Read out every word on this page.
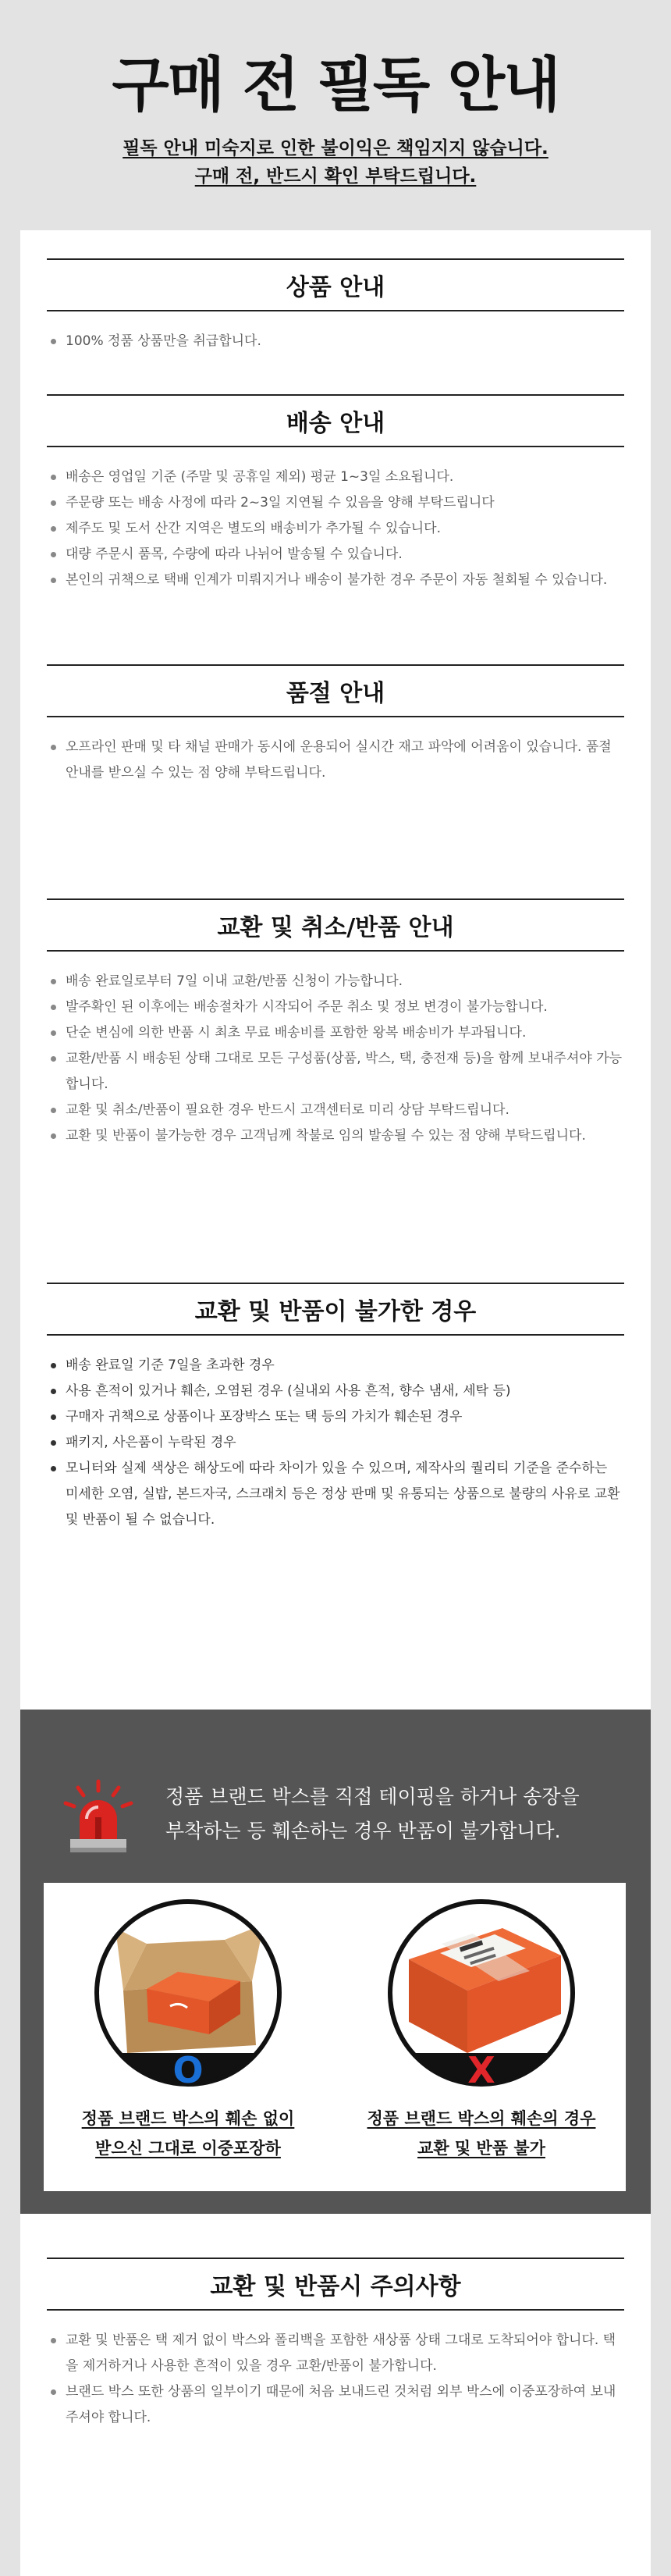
구매 전 필독 안내
필독 안내 미숙지로 인한 불이익은 책임지지 않습니다.
구매 전, 반드시 확인 부탁드립니다.
상품 안내
100% 정품 상품만을 취급합니다.
배송 안내
배송은 영업일 기준 (주말 및 공휴일 제외) 평균 1~3일 소요됩니다.
주문량 또는 배송 사정에 따라 2~3일 지연될 수 있음을 양해 부탁드립니다
제주도 및 도서 산간 지역은 별도의 배송비가 추가될 수 있습니다.
대량 주문시 품목, 수량에 따라 나뉘어 발송될 수 있습니다.
본인의 귀책으로 택배 인계가 미뤄지거나 배송이 불가한 경우 주문이 자동 철회될 수 있습니다.
품절 안내
오프라인 판매 및 타 채널 판매가 동시에 운용되어 실시간 재고 파악에 어려움이 있습니다. 품절 안내를 받으실 수 있는 점 양해 부탁드립니다.
교환 및 취소/반품 안내
배송 완료일로부터 7일 이내 교환/반품 신청이 가능합니다.
발주확인 된 이후에는 배송절차가 시작되어 주문 취소 및 정보 변경이 불가능합니다.
단순 변심에 의한 반품 시 최초 무료 배송비를 포함한 왕복 배송비가 부과됩니다.
교환/반품 시 배송된 상태 그대로 모든 구성품(상품, 박스, 택, 충전재 등)을 함께 보내주셔야 가능합니다.
교환 및 취소/반품이 필요한 경우 반드시 고객센터로 미리 상담 부탁드립니다.
교환 및 반품이 불가능한 경우 고객님께 착불로 임의 발송될 수 있는 점 양해 부탁드립니다.
교환 및 반품이 불가한 경우
배송 완료일 기준 7일을 초과한 경우
사용 흔적이 있거나 훼손, 오염된 경우 (실내외 사용 흔적, 향수 냄새, 세탁 등)
구매자 귀책으로 상품이나 포장박스 또는 택 등의 가치가 훼손된 경우
패키지, 사은품이 누락된 경우
모니터와 실제 색상은 해상도에 따라 차이가 있을 수 있으며, 제작사의 퀄리티 기준을 준수하는 미세한 오염, 실밥, 본드자국, 스크래치 등은 정상 판매 및 유통되는 상품으로 불량의 사유로 교환 및 반품이 될 수 없습니다.
정품 브랜드 박스를 직접 테이핑을 하거나 송장을
부착하는 등 훼손하는 경우 반품이 불가합니다.
O
정품 브랜드 박스의 훼손 없이
받으신 그대로 이중포장하
X
정품 브랜드 박스의 훼손의 경우
교환 및 반품 불가
교환 및 반품시 주의사항
교환 및 반품은 택 제거 없이 박스와 폴리백을 포함한 새상품 상태 그대로 도착되어야 합니다. 택을 제거하거나 사용한 흔적이 있을 경우 교환/반품이 불가합니다.
브랜드 박스 또한 상품의 일부이기 때문에 처음 보내드린 것처럼 외부 박스에 이중포장하여 보내주셔야 합니다.
